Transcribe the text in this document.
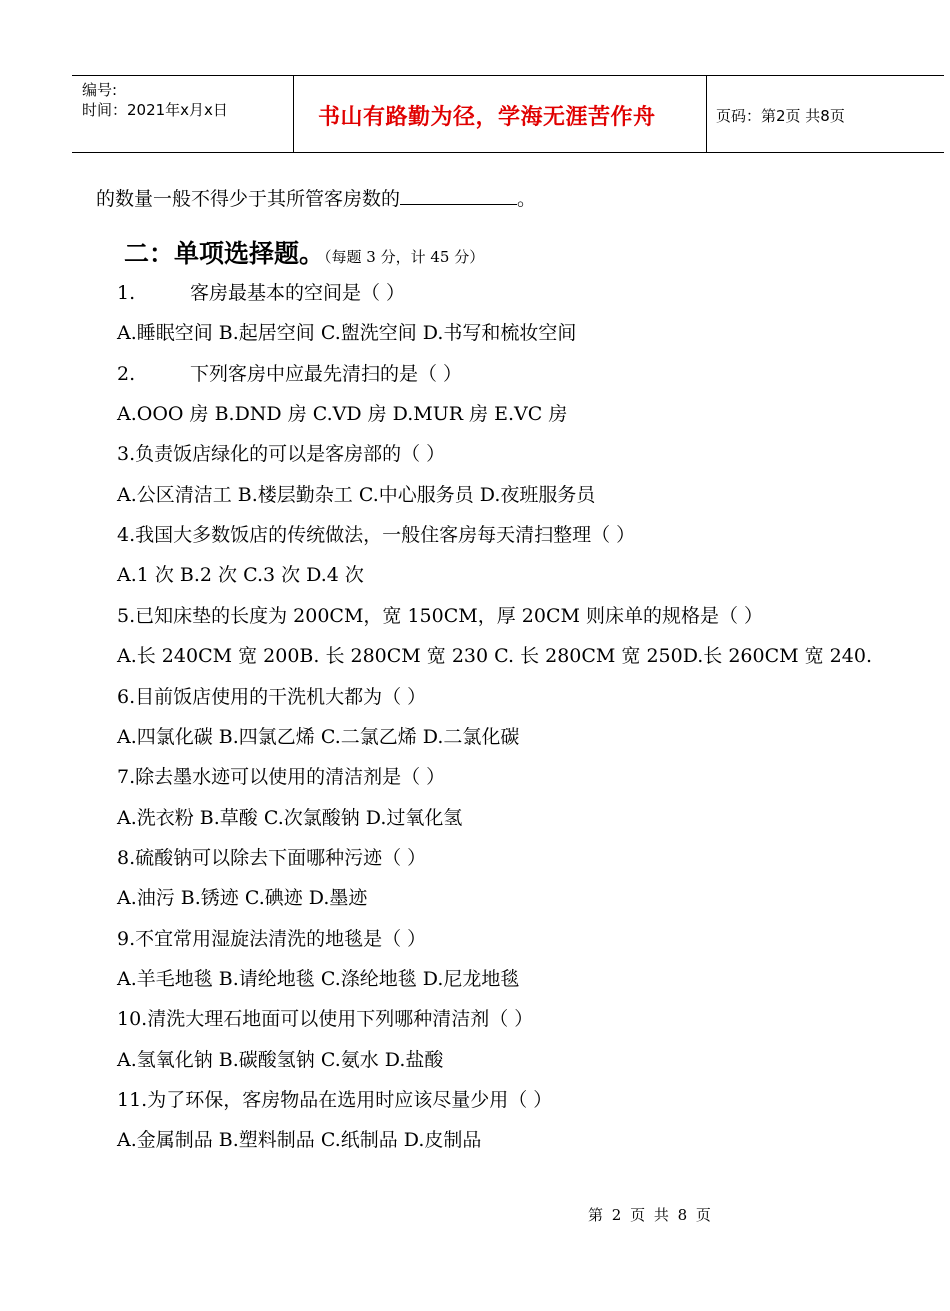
编号:
时间：2021年x月x日	书山有路勤为径，学海无涯苦作舟	页码：第2页 共8页
的数量一般不得少于其所管客房数的	。
二：单项选择题。（每题 3 分，计 45 分）
1.	客房最基本的空间是（ ）
A.睡眠空间 B.起居空间 C.盥洗空间 D.书写和梳妆空间
2.	下列客房中应最先清扫的是（ ）
A.OOO 房 B.DND 房 C.VD 房 D.MUR 房 E.VC 房
3.负责饭店绿化的可以是客房部的（ ）
A.公区清洁工 B.楼层勤杂工 C.中心服务员 D.夜班服务员
4.我国大多数饭店的传统做法，一般住客房每天清扫整理（ ）
A.1 次 B.2 次 C.3 次 D.4 次
5.已知床垫的长度为 200CM，宽 150CM，厚 20CM 则床单的规格是（ ）
A.长 240CM 宽 200B. 长 280CM 宽 230 C. 长 280CM 宽 250D.长 260CM 宽 240.
6.目前饭店使用的干洗机大都为（ ）
A.四氯化碳 B.四氯乙烯 C.二氯乙烯 D.二氯化碳
7.除去墨水迹可以使用的清洁剂是（ ）
A.洗衣粉 B.草酸 C.次氯酸钠 D.过氧化氢
8.硫酸钠可以除去下面哪种污迹（ ）
A.油污 B.锈迹 C.碘迹 D.墨迹
9.不宜常用湿旋法清洗的地毯是（ ）
A.羊毛地毯 B.请纶地毯 C.涤纶地毯 D.尼龙地毯
10.清洗大理石地面可以使用下列哪种清洁剂（ ）
A.氢氧化钠 B.碳酸氢钠 C.氨水 D.盐酸
11.为了环保，客房物品在选用时应该尽量少用（ ）
A.金属制品 B.塑料制品 C.纸制品 D.皮制品
第 2 页 共 8 页
